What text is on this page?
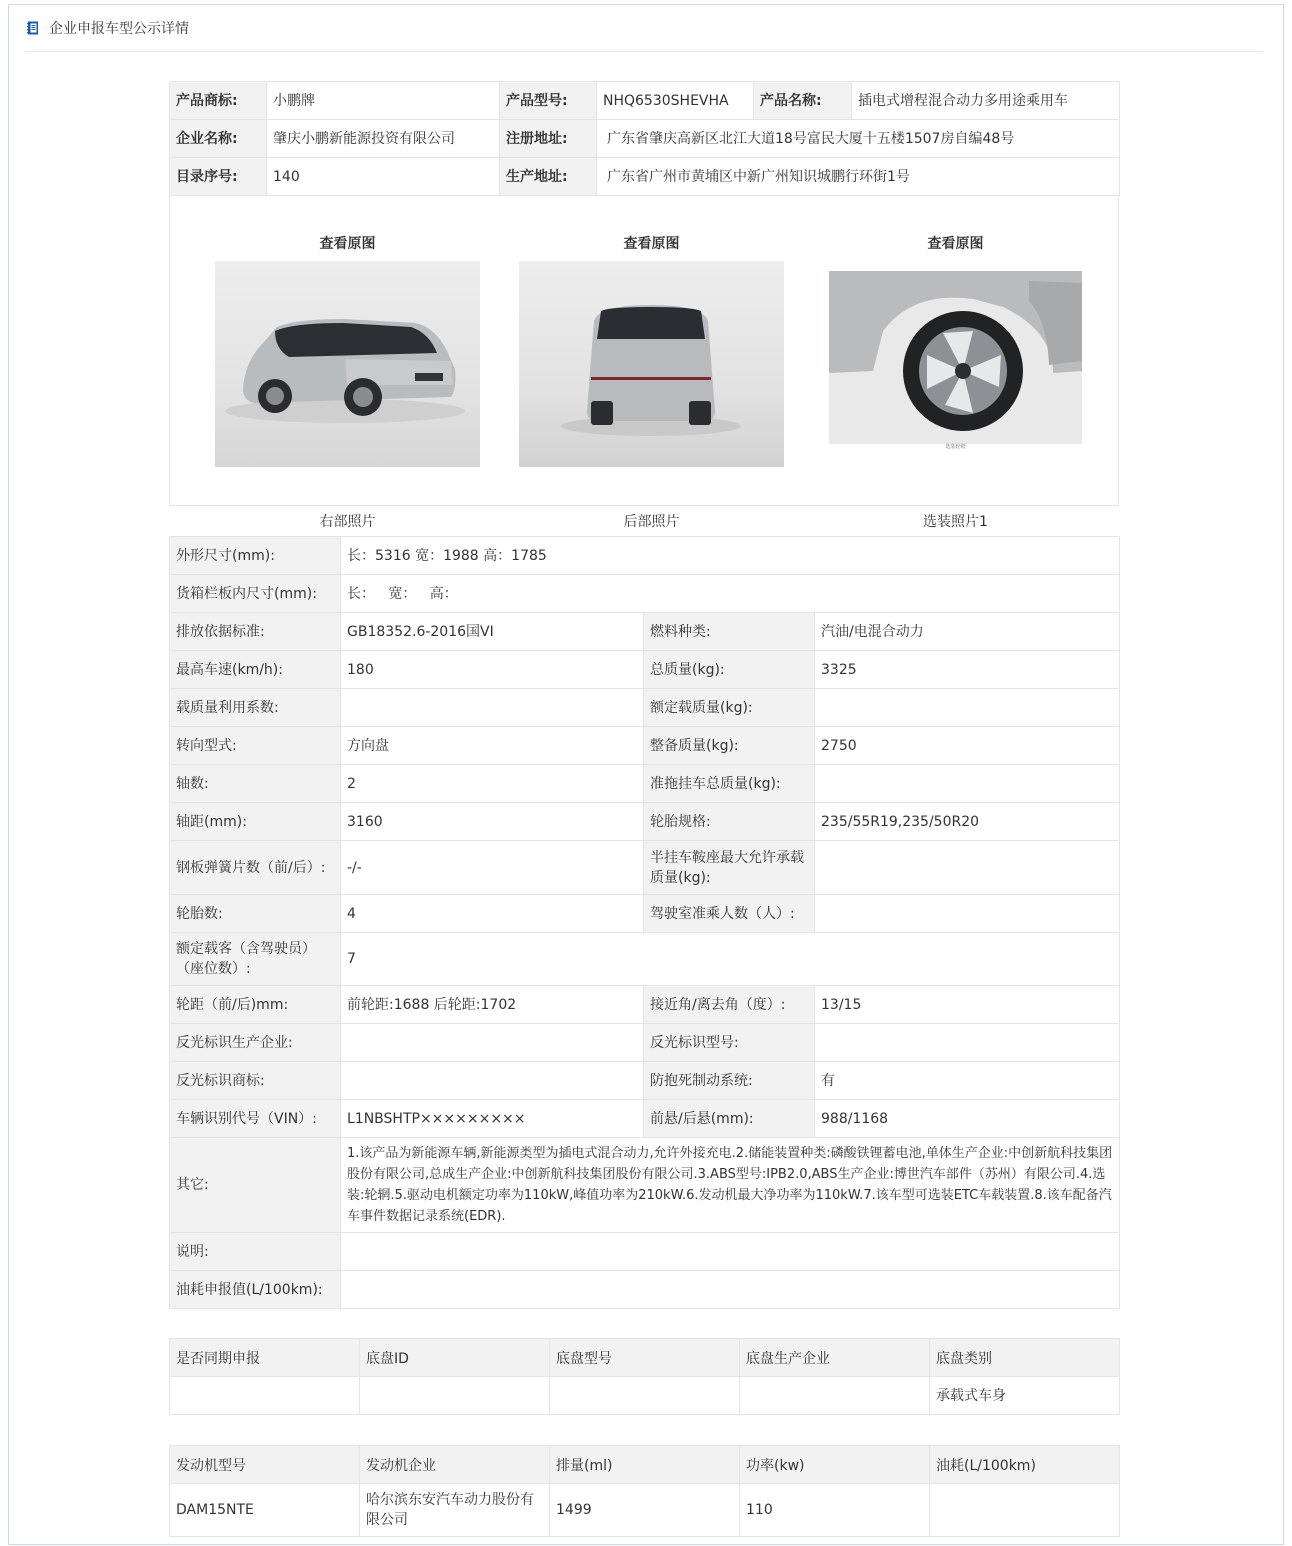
企业申报车型公示详情
产品商标:	小鹏牌	产品型号:	NHQ6530SHEVHA	产品名称:	插电式增程混合动力多用途乘用车
企业名称:	肇庆小鹏新能源投资有限公司	注册地址:	广东省肇庆高新区北江大道18号富民大厦十五楼1507房自编48号		
目录序号:	140	生产地址:	广东省广州市黄埔区中新广州知识城鹏行环街1号		
查看原图
右部照片
查看原图
后部照片
查看原图
选装轮毂
选装照片1
外形尺寸(mm):	长：5316 宽：1988 高：1785		
货箱栏板内尺寸(mm):	长：   宽：   高：		
排放依据标准:	GB18352.6-2016国VI	燃料种类:	汽油/电混合动力
最高车速(km/h):	180	总质量(kg):	3325
载质量利用系数:		额定载质量(kg):	
转向型式:	方向盘	整备质量(kg):	2750
轴数:	2	准拖挂车总质量(kg):	
轴距(mm):	3160	轮胎规格:	235/55R19,235/50R20
钢板弹簧片数（前/后）:	-/-	半挂车鞍座最大允许承载质量(kg):	
轮胎数:	4	驾驶室准乘人数（人）:	
额定载客（含驾驶员）（座位数）:	7		
轮距（前/后)mm:	前轮距:1688 后轮距:1702	接近角/离去角（度）:	13/15
反光标识生产企业:		反光标识型号:	
反光标识商标:		防抱死制动系统:	有
车辆识别代号（VIN）:	L1NBSHTP×××××××××	前悬/后悬(mm):	988/1168
其它:	1.该产品为新能源车辆,新能源类型为插电式混合动力,允许外接充电.2.储能装置种类:磷酸铁锂蓄电池,单体生产企业:中创新航科技集团股份有限公司,总成生产企业:中创新航科技集团股份有限公司.3.ABS型号:IPB2.0,ABS生产企业:博世汽车部件（苏州）有限公司.4.选装:轮辋.5.驱动电机额定功率为110kW,峰值功率为210kW.6.发动机最大净功率为110kW.7.该车型可选装ETC车载装置.8.该车配备汽车事件数据记录系统(EDR).		
说明:			
油耗申报值(L/100km):			
是否同期申报	底盘ID	底盘型号	底盘生产企业	底盘类别
				承载式车身
发动机型号	发动机企业	排量(ml)	功率(kw)	油耗(L/100km)
DAM15NTE	哈尔滨东安汽车动力股份有限公司	1499	110	
